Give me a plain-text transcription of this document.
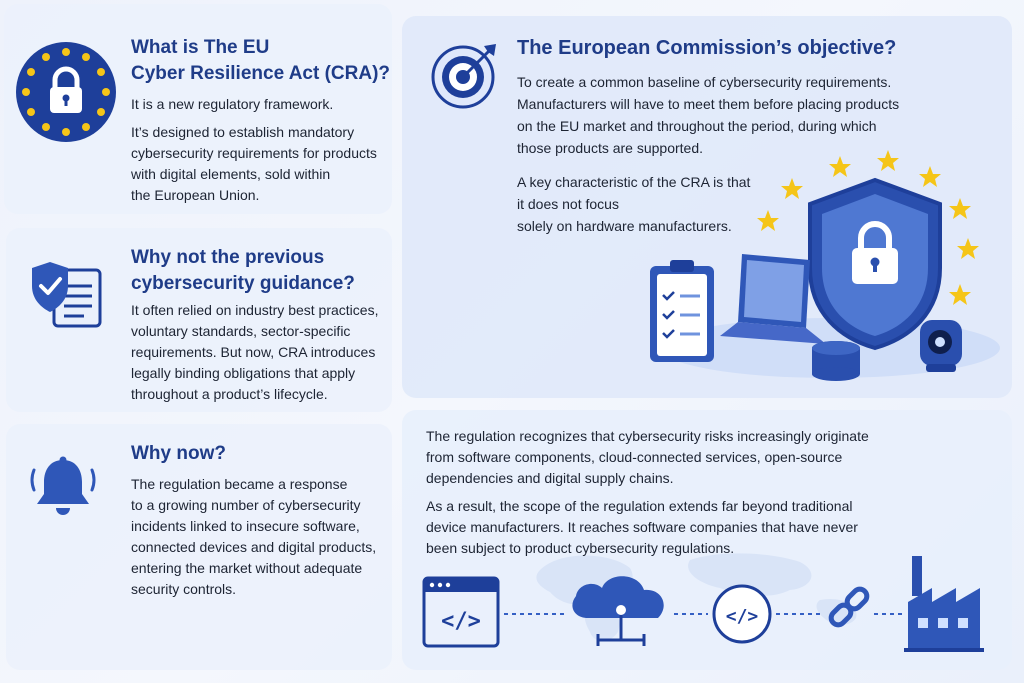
What is The EU
Cyber Resilience Act (CRA)?
It is a new regulatory framework.
It’s designed to establish mandatory
cybersecurity requirements for products
with digital elements, sold within
the European Union.
Why not the previous
cybersecurity guidance?
It often relied on industry best practices,
voluntary standards, sector-specific
requirements. But now, CRA introduces
legally binding obligations that apply
throughout a product’s lifecycle.
Why now?
The regulation became a response
to a growing number of cybersecurity
incidents linked to insecure software,
connected devices and digital products,
entering the market without adequate
security controls.
The European Commission’s objective?
To create a common baseline of cybersecurity requirements.
Manufacturers will have to meet them before placing products
on the EU market and throughout the period, during which
those products are supported.
A key characteristic of the CRA is that
it does not focus
solely on hardware manufacturers.
The regulation recognizes that cybersecurity risks increasingly originate
from software components, cloud-connected services, open-source
dependencies and digital supply chains.
As a result, the scope of the regulation extends far beyond traditional
device manufacturers. It reaches software companies that have never
been subject to product cybersecurity regulations.
</>	</>
